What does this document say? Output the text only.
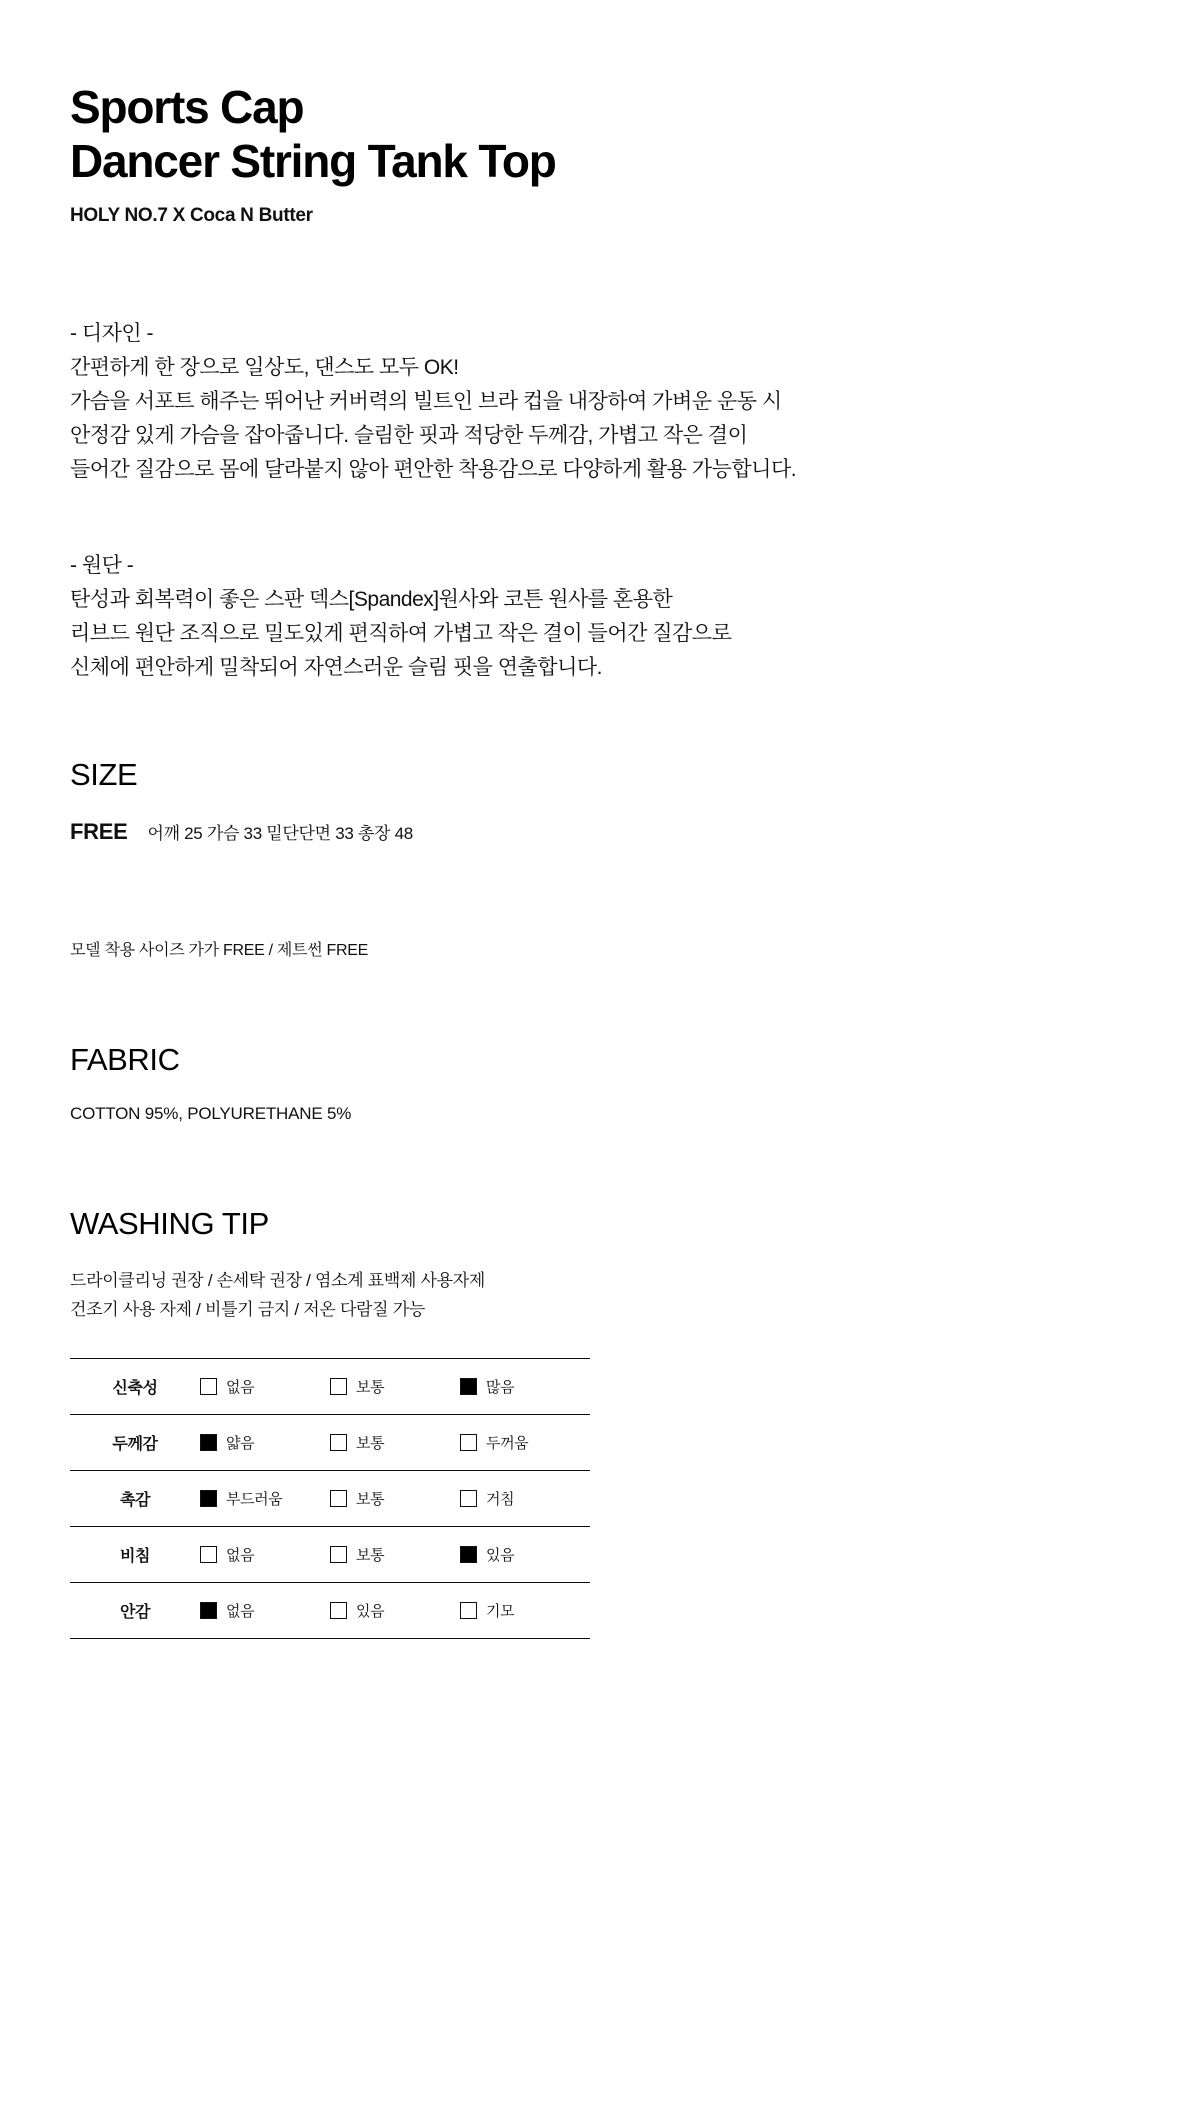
Sports Cap
Dancer String Tank Top
HOLY NO.7 X Coca N Butter
- 디자인 -
간편하게 한 장으로 일상도, 댄스도 모두 OK!
가슴을 서포트 해주는 뛰어난 커버력의 빌트인 브라 컵을 내장하여 가벼운 운동 시
안정감 있게 가슴을 잡아줍니다. 슬림한 핏과 적당한 두께감, 가볍고 작은 결이
들어간 질감으로 몸에 달라붙지 않아 편안한 착용감으로 다양하게 활용 가능합니다.
- 원단 -
탄성과 회복력이 좋은 스판 덱스[Spandex]원사와 코튼 원사를 혼용한
리브드 원단 조직으로 밀도있게 편직하여 가볍고 작은 결이 들어간 질감으로
신체에 편안하게 밀착되어 자연스러운 슬림 핏을 연출합니다.
SIZE
FREE 어깨 25 가슴 33 밑단단면 33 총장 48
모델 착용 사이즈 가가 FREE / 제트썬 FREE
FABRIC
COTTON 95%, POLYURETHANE 5%
WASHING TIP
드라이클리닝 권장 / 손세탁 권장 / 염소계 표백제 사용자제
건조기 사용 자제 / 비틀기 금지 / 저온 다람질 가능
신축성	없음	보통	많음

두께감	얇음	보통	두꺼움

촉감	부드러움	보통	거침

비침	없음	보통	있음

안감	없음	있음	기모
